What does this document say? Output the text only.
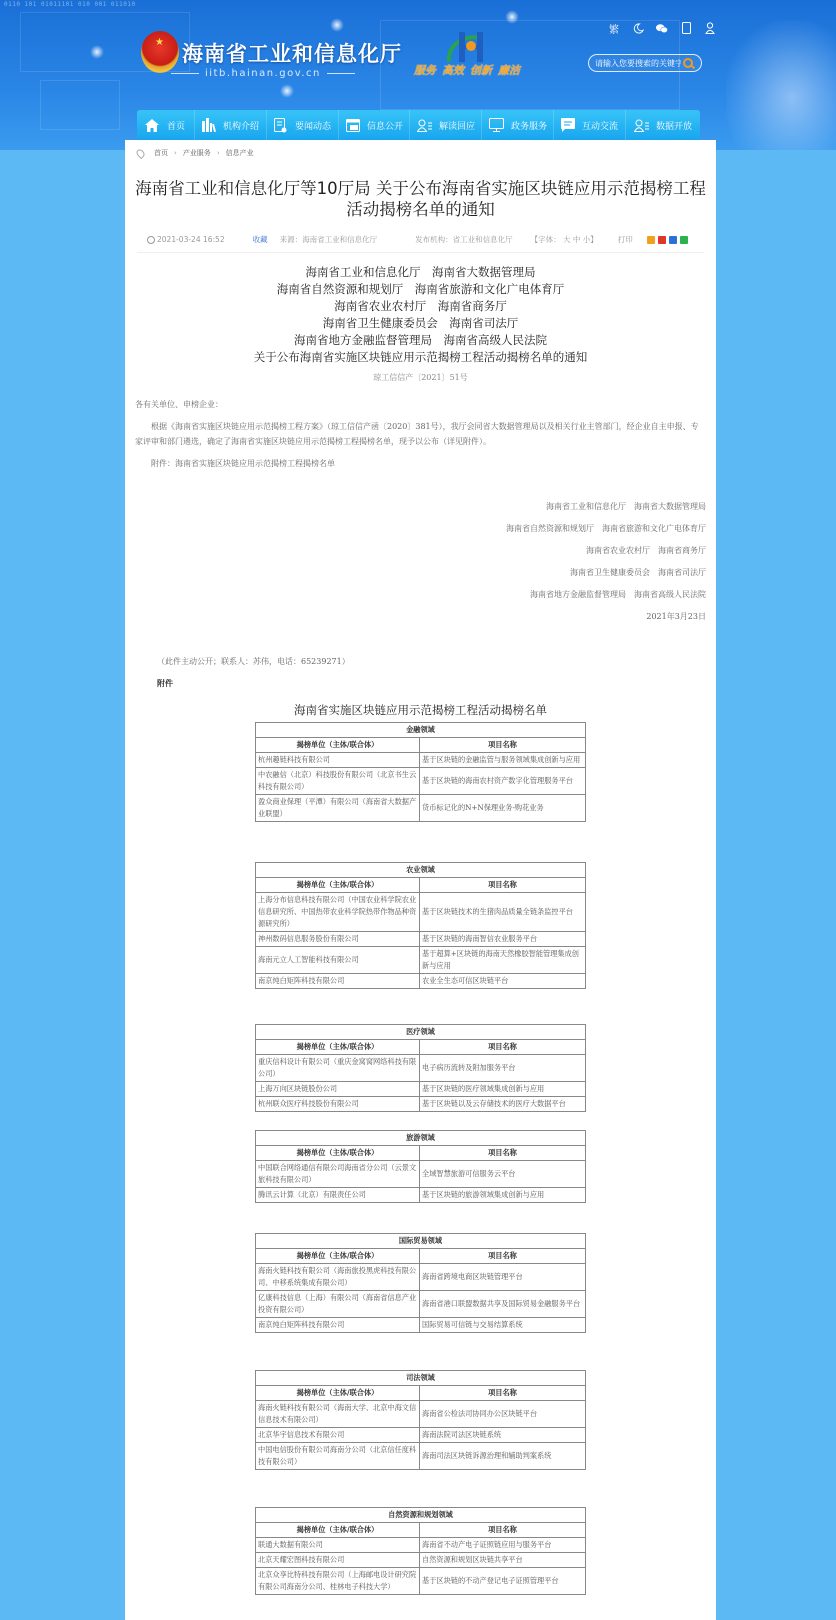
0110 101 01011101 010 001 011010
★ 海南省工业和信息化厅
iitb.hainan.gov.cn	服务 高效 创新 廉洁
繁
请输入您要搜索的关键字
首页	机构介绍	要闻动态	信息公开	解读回应	政务服务	互动交流	数据开放
首页 › 产业服务 › 信息产业
海南省工业和信息化厅等10厅局 关于公布海南省实施区块链应用示范揭榜工程活动揭榜名单的通知
2021-03-24 16:52	收藏 来源：海南省工业和信息化厅	发布机构：省工业和信息化厅 【字体： 大 中 小】	打印
海南省工业和信息化厅　海南省大数据管理局
海南省自然资源和规划厅　海南省旅游和文化广电体育厅
海南省农业农村厅　海南省商务厅
海南省卫生健康委员会　海南省司法厅
海南省地方金融监督管理局　海南省高级人民法院
关于公布海南省实施区块链应用示范揭榜工程活动揭榜名单的通知
琼工信信产〔2021〕51号
各有关单位、申榜企业：
根据《海南省实施区块链应用示范揭榜工程方案》（琼工信信产函〔2020〕381号），我厅会同省大数据管理局以及相关行业主管部门，经企业自主申报、专家评审和部门遴选，确定了海南省实施区块链应用示范揭榜工程揭榜名单，现予以公布（详见附件）。
附件：海南省实施区块链应用示范揭榜工程揭榜名单
海南省工业和信息化厅　海南省大数据管理局
海南省自然资源和规划厅　海南省旅游和文化广电体育厅
海南省农业农村厅　海南省商务厅
海南省卫生健康委员会　海南省司法厅
海南省地方金融监督管理局　海南省高级人民法院
2021年3月23日
（此件主动公开；联系人：苏伟，电话：65239271）
附件
海南省实施区块链应用示范揭榜工程活动揭榜名单
金融领域	
揭榜单位（主体/联合体）	项目名称
杭州趣链科技有限公司	基于区块链的金融监管与服务领域集成创新与应用
中农融信（北京）科技股份有限公司（北京书生云科技有限公司）	基于区块链的海南农村资产数字化管理服务平台
盈众商业保理（平潭）有限公司（海南省大数据产业联盟）	货币标记化的N+N保理业务-购花业务
农业领域	
揭榜单位（主体/联合体）	项目名称
上海分布信息科技有限公司（中国农业科学院农业信息研究所、中国热带农业科学院热带作物品种资源研究所）	基于区块链技术的生猪肉品质量全链条监控平台
神州数码信息服务股份有限公司	基于区块链的海南智信农业服务平台
海南元立人工智能科技有限公司	基于超算+区块链的海南天然橡胶智能管理集成创新与应用
南京纯白矩阵科技有限公司	农业全生态可信区块链平台
医疗领域	
揭榜单位（主体/联合体）	项目名称
重庆信科设计有限公司（重庆金窝窝网络科技有限公司）	电子病历流转及附加服务平台
上海万向区块链股份公司	基于区块链的医疗领域集成创新与应用
杭州联众医疗科技股份有限公司	基于区块链以及云存储技术的医疗大数据平台
旅游领域	
揭榜单位（主体/联合体）	项目名称
中国联合网络通信有限公司海南省分公司（云景文旅科技有限公司）	全域智慧旅游可信服务云平台
腾讯云计算（北京）有限责任公司	基于区块链的旅游领域集成创新与应用
国际贸易领域	
揭榜单位（主体/联合体）	项目名称
海南火链科技有限公司（海南旅投黑虎科技有限公司、中移系统集成有限公司）	海南省跨境电商区块链管理平台
亿康科技信息（上海）有限公司（海南省信息产业投资有限公司）	海南省港口联盟数据共享及国际贸易金融服务平台
南京纯白矩阵科技有限公司	国际贸易可信链与交易结算系统
司法领域	
揭榜单位（主体/联合体）	项目名称
海南火链科技有限公司（海南大学、北京中海文信信息技术有限公司）	海南省公检法司协同办公区块链平台
北京华宇信息技术有限公司	海南法院司法区块链系统
中国电信股份有限公司海南分公司（北京信任度科技有限公司）	海南司法区块链诉源治理和辅助判案系统
自然资源和规划领域	
揭榜单位（主体/联合体）	项目名称
联通大数据有限公司	海南省不动产电子证照链应用与服务平台
北京天耀宏图科技有限公司	自然资源和规划区块链共享平台
北京众享比特科技有限公司（上海邮电设计研究院有限公司海南分公司、桂林电子科技大学）	基于区块链的不动产登记电子证照管理平台
